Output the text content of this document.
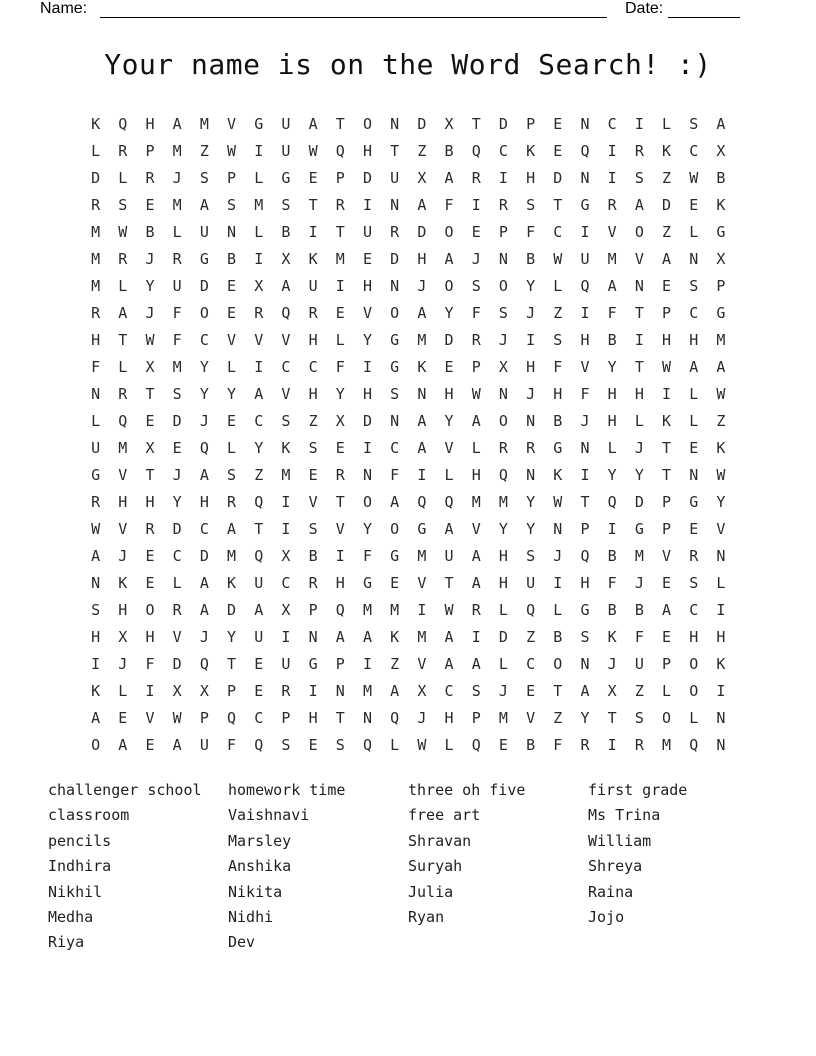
Name:	Date:
Your name is on the Word Search! :)
K	Q	H	A	M	V	G	U	A	T	O	N	D	X	T	D	P	E	N	C	I	L	S	A
L	R	P	M	Z	W	I	U	W	Q	H	T	Z	B	Q	C	K	E	Q	I	R	K	C	X
D	L	R	J	S	P	L	G	E	P	D	U	X	A	R	I	H	D	N	I	S	Z	W	B
R	S	E	M	A	S	M	S	T	R	I	N	A	F	I	R	S	T	G	R	A	D	E	K
M	W	B	L	U	N	L	B	I	T	U	R	D	O	E	P	F	C	I	V	O	Z	L	G
M	R	J	R	G	B	I	X	K	M	E	D	H	A	J	N	B	W	U	M	V	A	N	X
M	L	Y	U	D	E	X	A	U	I	H	N	J	O	S	O	Y	L	Q	A	N	E	S	P
R	A	J	F	O	E	R	Q	R	E	V	O	A	Y	F	S	J	Z	I	F	T	P	C	G
H	T	W	F	C	V	V	V	H	L	Y	G	M	D	R	J	I	S	H	B	I	H	H	M
F	L	X	M	Y	L	I	C	C	F	I	G	K	E	P	X	H	F	V	Y	T	W	A	A
N	R	T	S	Y	Y	A	V	H	Y	H	S	N	H	W	N	J	H	F	H	H	I	L	W
L	Q	E	D	J	E	C	S	Z	X	D	N	A	Y	A	O	N	B	J	H	L	K	L	Z
U	M	X	E	Q	L	Y	K	S	E	I	C	A	V	L	R	R	G	N	L	J	T	E	K
G	V	T	J	A	S	Z	M	E	R	N	F	I	L	H	Q	N	K	I	Y	Y	T	N	W
R	H	H	Y	H	R	Q	I	V	T	O	A	Q	Q	M	M	Y	W	T	Q	D	P	G	Y
W	V	R	D	C	A	T	I	S	V	Y	O	G	A	V	Y	Y	N	P	I	G	P	E	V
A	J	E	C	D	M	Q	X	B	I	F	G	M	U	A	H	S	J	Q	B	M	V	R	N
N	K	E	L	A	K	U	C	R	H	G	E	V	T	A	H	U	I	H	F	J	E	S	L
S	H	O	R	A	D	A	X	P	Q	M	M	I	W	R	L	Q	L	G	B	B	A	C	I
H	X	H	V	J	Y	U	I	N	A	A	K	M	A	I	D	Z	B	S	K	F	E	H	H
I	J	F	D	Q	T	E	U	G	P	I	Z	V	A	A	L	C	O	N	J	U	P	O	K
K	L	I	X	X	P	E	R	I	N	M	A	X	C	S	J	E	T	A	X	Z	L	O	I
A	E	V	W	P	Q	C	P	H	T	N	Q	J	H	P	M	V	Z	Y	T	S	O	L	N
O	A	E	A	U	F	Q	S	E	S	Q	L	W	L	Q	E	B	F	R	I	R	M	Q	N
challenger school
classroom
pencils
Indhira
Nikhil
Medha
Riya
homework time
Vaishnavi
Marsley
Anshika
Nikita
Nidhi
Dev
three oh five
free art
Shravan
Suryah
Julia
Ryan
first grade
Ms Trina
William
Shreya
Raina
Jojo
